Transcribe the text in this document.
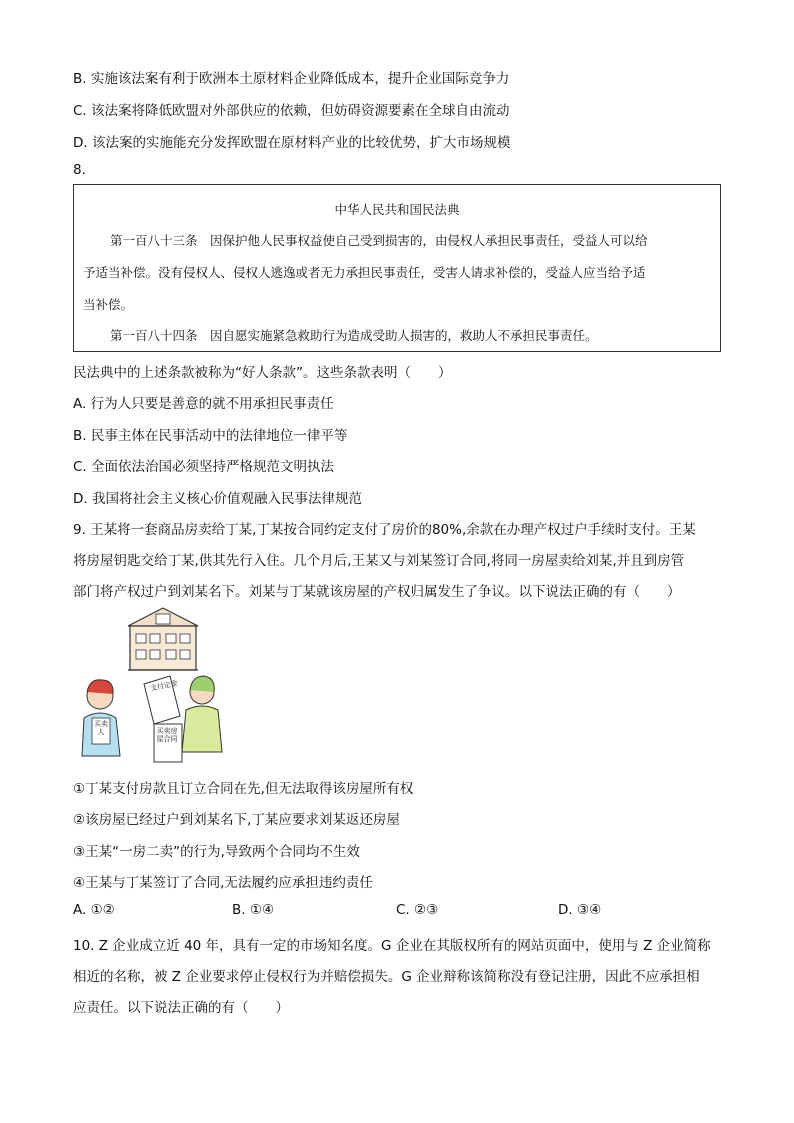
B. 实施该法案有利于欧洲本土原材料企业降低成本，提升企业国际竞争力
C. 该法案将降低欧盟对外部供应的依赖，但妨碍资源要素在全球自由流动
D. 该法案的实施能充分发挥欧盟在原材料产业的比较优势，扩大市场规模
8.
中华人民共和国民法典
第一百八十三条　因保护他人民事权益使自己受到损害的，由侵权人承担民事责任，受益人可以给
予适当补偿。没有侵权人、侵权人逃逸或者无力承担民事责任，受害人请求补偿的，受益人应当给予适
当补偿。
第一百八十四条　因自愿实施紧急救助行为造成受助人损害的，救助人不承担民事责任。
民法典中的上述条款被称为“好人条款”。这些条款表明（　　）
A. 行为人只要是善意的就不用承担民事责任
B. 民事主体在民事活动中的法律地位一律平等
C. 全面依法治国必须坚持严格规范文明执法
D. 我国将社会主义核心价值观融入民事法律规范
9. 王某将一套商品房卖给丁某,丁某按合同约定支付了房价的80%,余款在办理产权过户手续时支付。王某
将房屋钥匙交给丁某,供其先行入住。几个月后,王某又与刘某签订合同,将同一房屋卖给刘某,并且到房管
部门将产权过户到刘某名下。刘某与丁某就该房屋的产权归属发生了争议。以下说法正确的有（　　）
支付定金
买卖房屋合同
买卖人
①丁某支付房款且订立合同在先,但无法取得该房屋所有权
②该房屋已经过户到刘某名下,丁某应要求刘某返还房屋
③王某“一房二卖”的行为,导致两个合同均不生效
④王某与丁某签订了合同,无法履约应承担违约责任
A. ①②	B. ①④	C. ②③	D. ③④
10. Z 企业成立近 40 年，具有一定的市场知名度。G 企业在其版权所有的网站页面中，使用与 Z 企业简称
相近的名称，被 Z 企业要求停止侵权行为并赔偿损失。G 企业辩称该简称没有登记注册，因此不应承担相
应责任。以下说法正确的有（　　）
